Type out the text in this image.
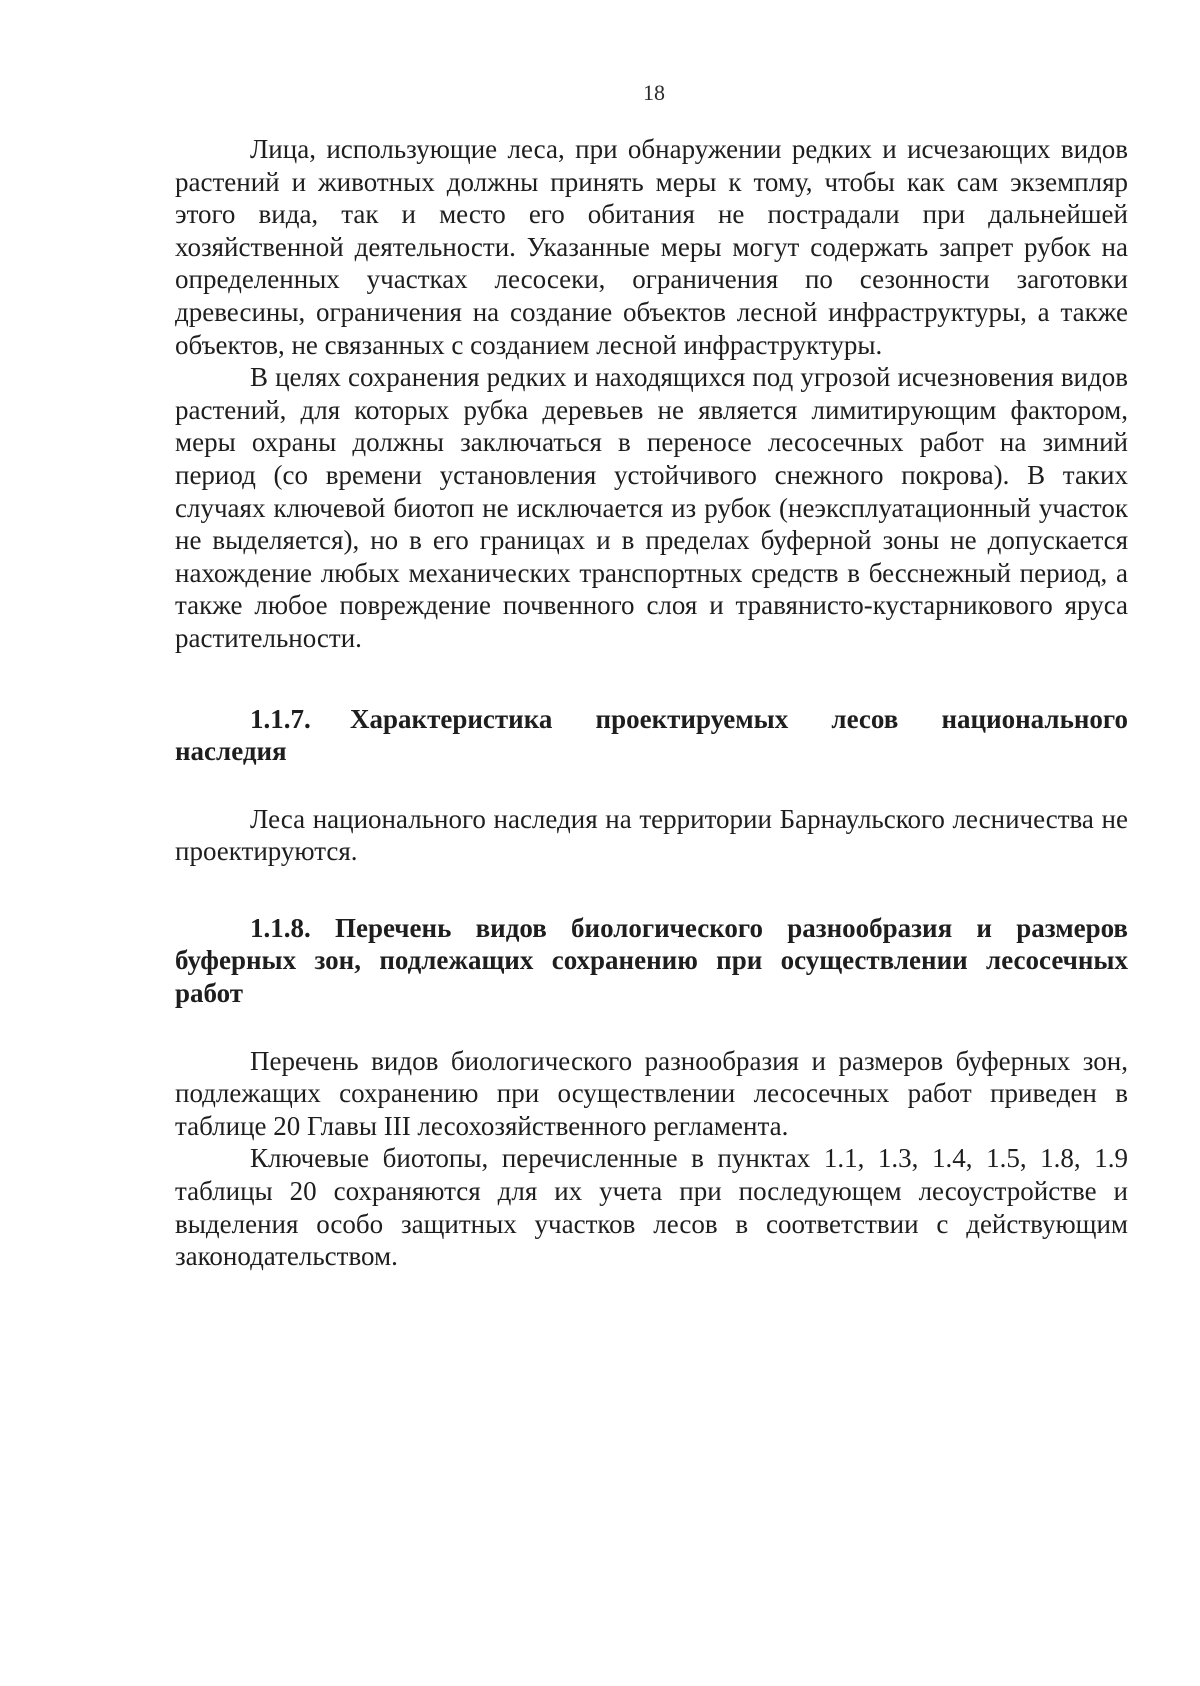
18

Лица, использующие леса, при обнаружении редких и исчезающих видов растений и животных должны принять меры к тому, чтобы как сам экземпляр этого вида, так и место его обитания не пострадали при дальнейшей хозяйственной деятельности. Указанные меры могут содержать запрет рубок на определенных участках лесосеки, ограничения по сезонности заготовки древесины, ограничения на создание объектов лесной инфраструктуры, а также объектов, не связанных с созданием лесной инфраструктуры.

В целях сохранения редких и находящихся под угрозой исчезновения видов растений, для которых рубка деревьев не является лимитирующим фактором, меры охраны должны заключаться в переносе лесосечных работ на зимний период (со времени установления устойчивого снежного покрова). В таких случаях ключевой биотоп не исключается из рубок (неэксплуатационный участок не выделяется), но в его границах и в пределах буферной зоны не допускается нахождение любых механических транспортных средств в бесснежный период, а также любое повреждение почвенного слоя и травянисто-кустарникового яруса растительности.

1.1.7. Характеристика проектируемых лесов национального наследия

Леса национального наследия на территории Барнаульского лесничества не проектируются.

1.1.8. Перечень видов биологического разнообразия и размеров буферных зон, подлежащих сохранению при осуществлении лесосечных работ

Перечень видов биологического разнообразия и размеров буферных зон, подлежащих сохранению при осуществлении лесосечных работ приведен в таблице 20 Главы III лесохозяйственного регламента.

Ключевые биотопы, перечисленные в пунктах 1.1, 1.3, 1.4, 1.5, 1.8, 1.9 таблицы 20 сохраняются для их учета при последующем лесоустройстве и выделения особо защитных участков лесов в соответствии с действующим законодательством.
